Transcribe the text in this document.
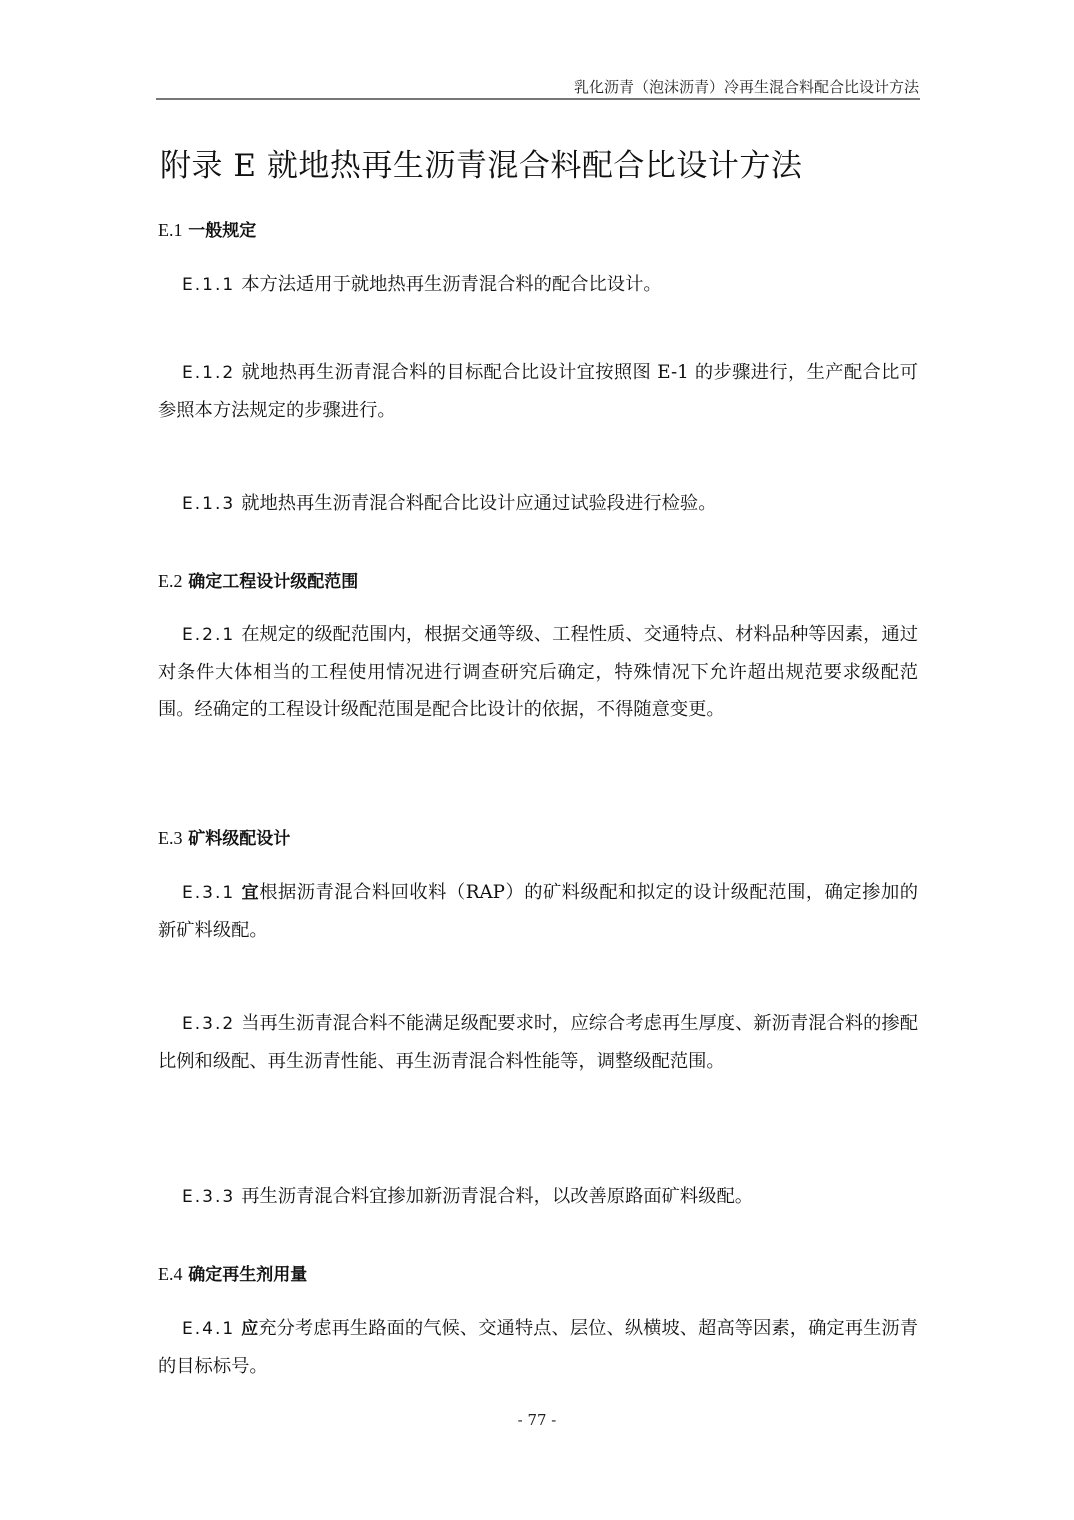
乳化沥青（泡沫沥青）冷再生混合料配合比设计方法
附录 E 就地热再生沥青混合料配合比设计方法
E.1 一般规定
E.1.1 本方法适用于就地热再生沥青混合料的配合比设计。
E.1.2 就地热再生沥青混合料的目标配合比设计宜按照图 E-1 的步骤进行，生产配合比可参照本方法规定的步骤进行。
E.1.3 就地热再生沥青混合料配合比设计应通过试验段进行检验。
E.2 确定工程设计级配范围
E.2.1 在规定的级配范围内，根据交通等级、工程性质、交通特点、材料品种等因素，通过对条件大体相当的工程使用情况进行调查研究后确定，特殊情况下允许超出规范要求级配范围。经确定的工程设计级配范围是配合比设计的依据，不得随意变更。
E.3 矿料级配设计
E.3.1 宜根据沥青混合料回收料（RAP）的矿料级配和拟定的设计级配范围，确定掺加的新矿料级配。
E.3.2 当再生沥青混合料不能满足级配要求时，应综合考虑再生厚度、新沥青混合料的掺配比例和级配、再生沥青性能、再生沥青混合料性能等，调整级配范围。
E.3.3 再生沥青混合料宜掺加新沥青混合料，以改善原路面矿料级配。
E.4 确定再生剂用量
E.4.1 应充分考虑再生路面的气候、交通特点、层位、纵横坡、超高等因素，确定再生沥青的目标标号。
- 77 -
